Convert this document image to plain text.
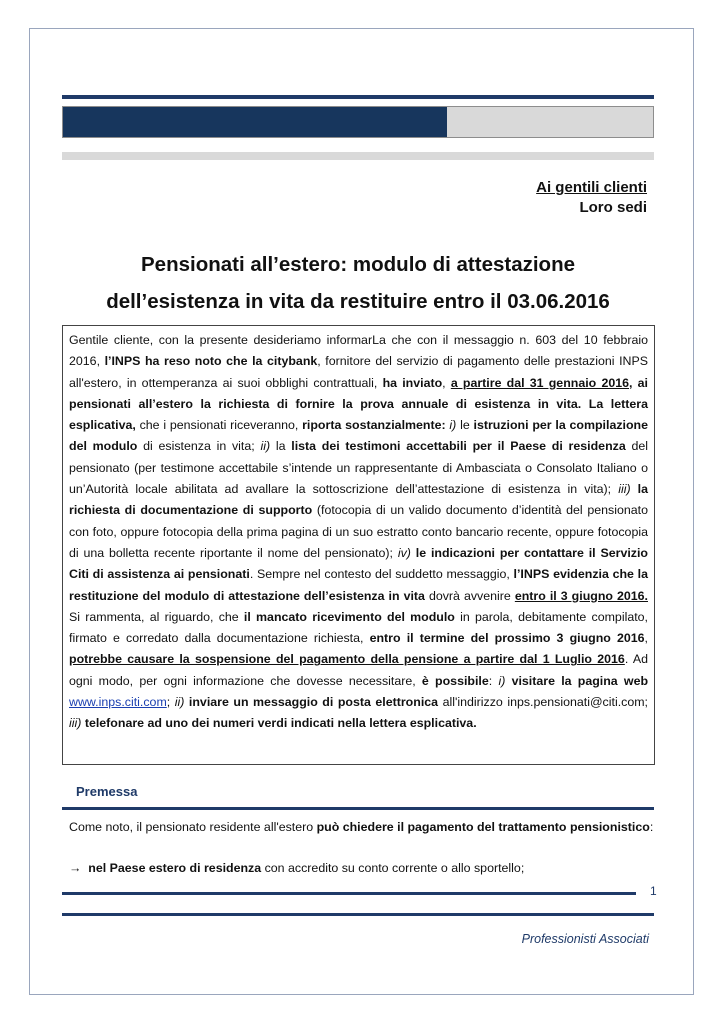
Ai gentili clienti
Loro sedi
Pensionati all’estero: modulo di attestazione
dell’esistenza in vita da restituire entro il 03.06.2016
Gentile cliente, con la presente desideriamo informarLa che con il messaggio n. 603 del 10 febbraio 2016, l’INPS ha reso noto che la citybank, fornitore del servizio di pagamento delle prestazioni INPS all'estero, in ottemperanza ai suoi obblighi contrattuali, ha inviato, a partire dal 31 gennaio 2016, ai pensionati all’estero la richiesta di fornire la prova annuale di esistenza in vita. La lettera esplicativa, che i pensionati riceveranno, riporta sostanzialmente: i) le istruzioni per la compilazione del modulo di esistenza in vita; ii) la lista dei testimoni accettabili per il Paese di residenza del pensionato (per testimone accettabile s’intende un rappresentante di Ambasciata o Consolato Italiano o un’Autorità locale abilitata ad avallare la sottoscrizione dell’attestazione di esistenza in vita); iii) la richiesta di documentazione di supporto (fotocopia di un valido documento d’identità del pensionato con foto, oppure fotocopia della prima pagina di un suo estratto conto bancario recente, oppure fotocopia di una bolletta recente riportante il nome del pensionato); iv) le indicazioni per contattare il Servizio Citi di assistenza ai pensionati. Sempre nel contesto del suddetto messaggio, l’INPS evidenzia che la restituzione del modulo di attestazione dell’esistenza in vita dovrà avvenire entro il 3 giugno 2016. Si rammenta, al riguardo, che il mancato ricevimento del modulo in parola, debitamente compilato, firmato e corredato dalla documentazione richiesta, entro il termine del prossimo 3 giugno 2016, potrebbe causare la sospensione del pagamento della pensione a partire dal 1 Luglio 2016. Ad ogni modo, per ogni informazione che dovesse necessitare, è possibile: i) visitare la pagina web www.inps.citi.com; ii) inviare un messaggio di posta elettronica all'indirizzo inps.pensionati@citi.com; iii) telefonare ad uno dei numeri verdi indicati nella lettera esplicativa.
Premessa
Come noto, il pensionato residente all'estero può chiedere il pagamento del trattamento pensionistico:
→ nel Paese estero di residenza con accredito su conto corrente o allo sportello;
1
Professionisti Associati
